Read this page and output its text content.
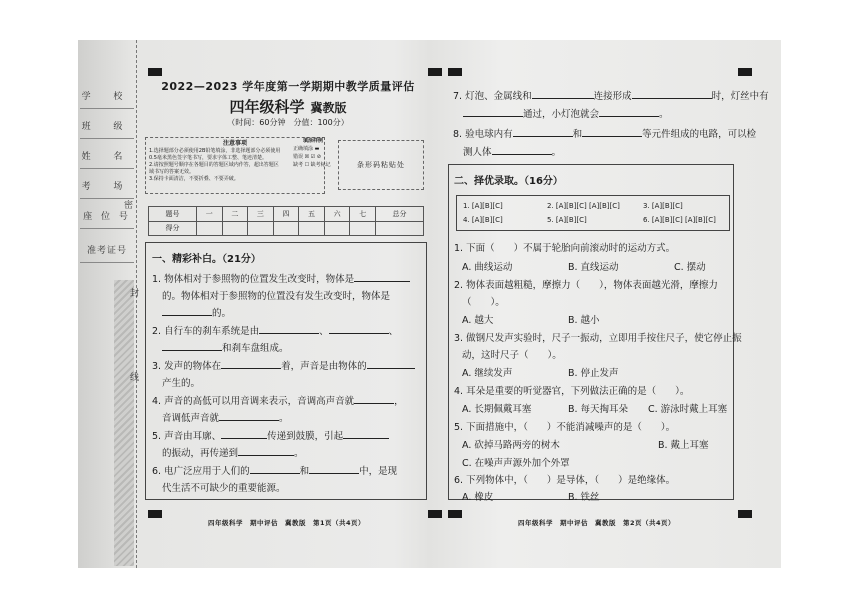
学 校
班 级
姓 名
考 场
座 位 号
准考证号
密
封
线
2022—2023 学年度第一学期期中教学质量评估
四年级科学 冀教版
（时间：60分钟　分值：100分）
注意事项
1.选择题部分必须使用2B铅笔填涂，非选择题部分必须使用
0.5毫米黑色签字笔书写，要求字体工整、笔迹清楚。
2.请按照题号顺序在各题目的答题区域内作答，超出答题区
域书写的答案无效。
3.保持卡面清洁，不要折叠、不要弄破。
填涂样例
正确填涂 ▬
错误 ☒ ☑ ⊘
缺考 ☐ 缺考标记	条形码粘贴处
题号	一	二	三	四	五	六	七	总分
得分								
一、精彩补白。（21分）
1. 物体相对于参照物的位置发生改变时，物体是
的。物体相对于参照物的位置没有发生改变时，物体是
的。
2. 自行车的刹车系统是由	、	、
和刹车盘组成。
3. 发声的物体在	着，声音是由物体的
产生的。
4. 声音的高低可以用音调来表示，音调高声音就	，
音调低声音就	。
5. 声音由耳廓、	传递到鼓膜，引起
的振动，再传递到	。
6. 电广泛应用于人们的	和	中，是现
代生活不可缺少的重要能源。
四年级科学　期中评估　冀教版　第1页（共4页）
7. 灯泡、金属线和	连接形成	时，灯丝中有
通过，小灯泡就会	。
8. 验电球内有	和	等元件组成的电路，可以检
测人体	。
二、择优录取。（16分）
1. [A][B][C]	2. [A][B][C] [A][B][C]	3. [A][B][C]
4. [A][B][C]	5. [A][B][C]	6. [A][B][C] [A][B][C]
1. 下面（　　）不属于轮胎向前滚动时的运动方式。
A. 曲线运动	B. 直线运动	C. 摆动
2. 物体表面越粗糙，摩擦力（　　），物体表面越光滑，摩擦力
（　　）。
A. 越大	B. 越小
3. 做钢尺发声实验时，尺子一振动，立即用手按住尺子，使它停止振
动，这时尺子（　　）。
A. 继续发声	B. 停止发声
4. 耳朵是重要的听觉器官，下列做法正确的是（　　）。
A. 长期佩戴耳塞	B. 每天掏耳朵 C. 游泳时戴上耳塞
5. 下面措施中，（　　）不能消减噪声的是（　　）。
A. 砍掉马路两旁的树木	B. 戴上耳塞
C. 在噪声声源外加个外罩
6. 下列物体中，（　　）是导体，（　　）是绝缘体。
A. 橡皮	B. 铁丝
四年级科学　期中评估　冀教版　第2页（共4页）
